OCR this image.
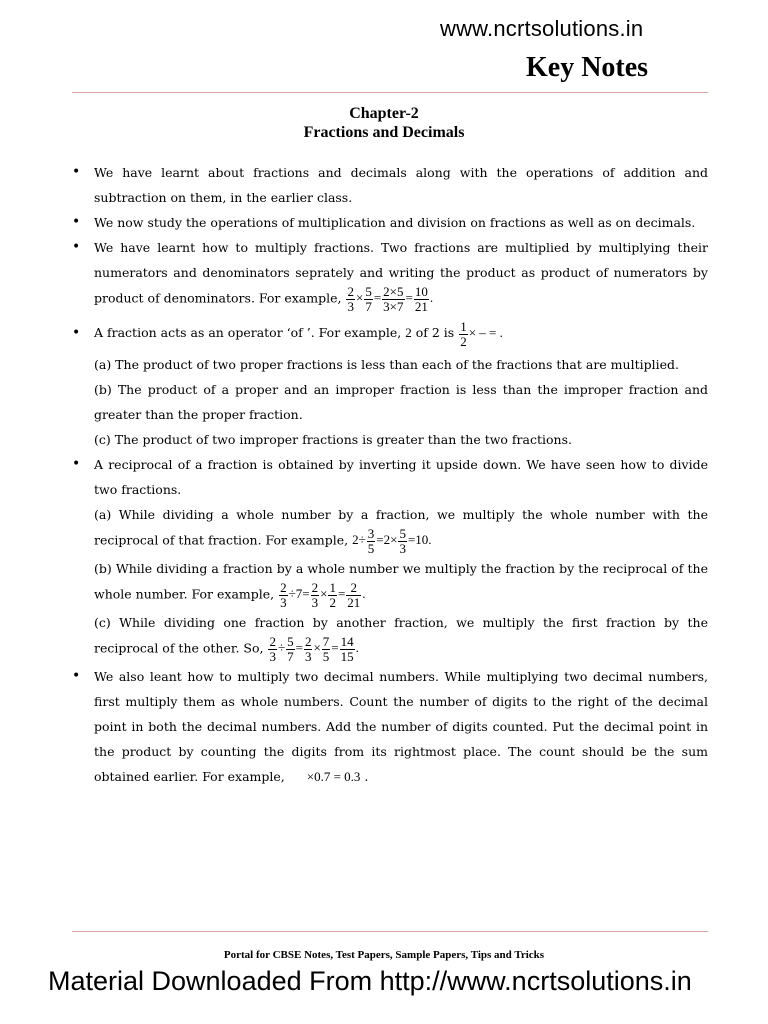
www.ncrtsolutions.in
Key Notes
Chapter-2
Fractions and Decimals
• We have learnt about fractions and decimals along with the operations of addition and subtraction on them, in the earlier class.
• We now study the operations of multiplication and division on fractions as well as on decimals.
• We have learnt how to multiply fractions. Two fractions are multiplied by multiplying their numerators and denominators seprately and writing the product as product of numerators by product of denominators. For example, $\frac{2}{3} \times \frac{5}{7} = \frac{2\times 5}{3\times 7} = \frac{10}{21}$ .
• A fraction acts as an operator ‘of ’. For example, 2 of 2 is $\frac{1}{2}$ × – = .
(a) The product of two proper fractions is less than each of the fractions that are multiplied.
(b) The product of a proper and an improper fraction is less than the improper fraction and greater than the proper fraction.
(c) The product of two improper fractions is greater than the two fractions.
• A reciprocal of a fraction is obtained by inverting it upside down. We have seen how to divide two fractions.
(a) While dividing a whole number by a fraction, we multiply the whole number with the reciprocal of that fraction. For example, $2\div \frac{3}{5} =2\times \frac{5}{3} =10$.
(b) While dividing a fraction by a whole number we multiply the fraction by the reciprocal of the whole number. For example, $\frac{2}{3} \div 7= \frac{2}{3} \times \frac{1}{2} = \frac{2}{21}$ .
(c) While dividing one fraction by another fraction, we multiply the first fraction by the reciprocal of the other. So, $\frac{2}{3} \div \frac{5}{7} = \frac{2}{3} \times \frac{7}{5} = \frac{14}{15}$ .
• We also leant how to multiply two decimal numbers. While multiplying two decimal numbers, first multiply them as whole numbers. Count the number of digits to the right of the decimal point in both the decimal numbers. Add the number of digits counted. Put the decimal point in the product by counting the digits from its rightmost place. The count should be the sum obtained earlier. For example, ×0.7 = 0.3 .
Portal for CBSE Notes, Test Papers, Sample Papers, Tips and Tricks
Material Downloaded From http://www.ncrtsolutions.in
